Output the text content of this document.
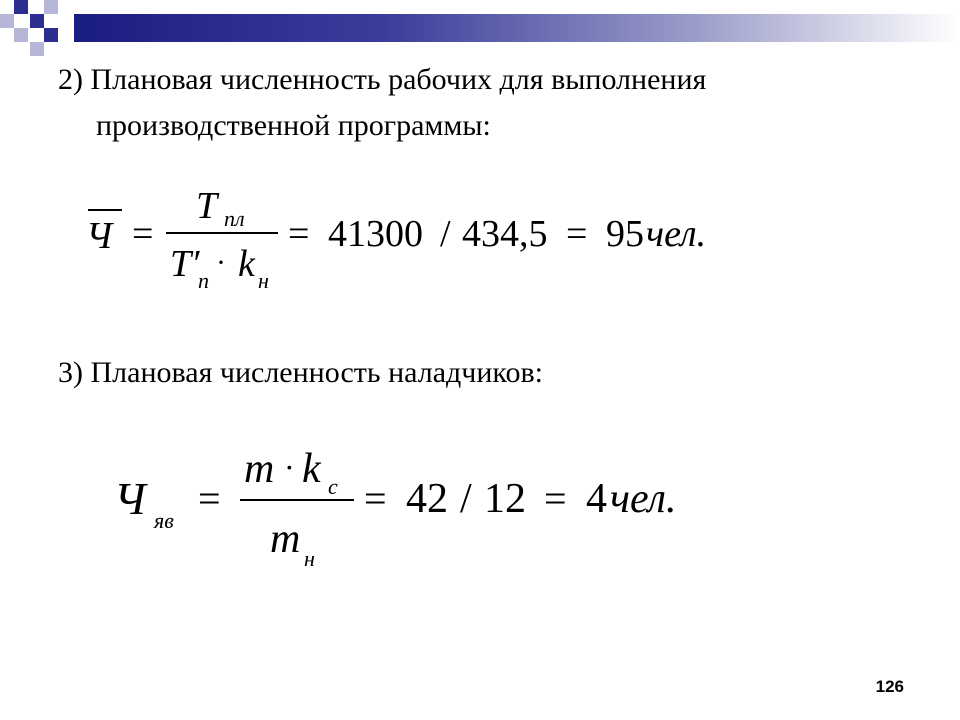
2) Плановая численность рабочих для выполнения
производственной программы:
Ч =
T пл
T′
п
· k н
= 41300 / 434,5 = 95 чел.
3) Плановая численность наладчиков:
Ч яв =
m · k с
m н
= 42 / 12 = 4 чел.
126
